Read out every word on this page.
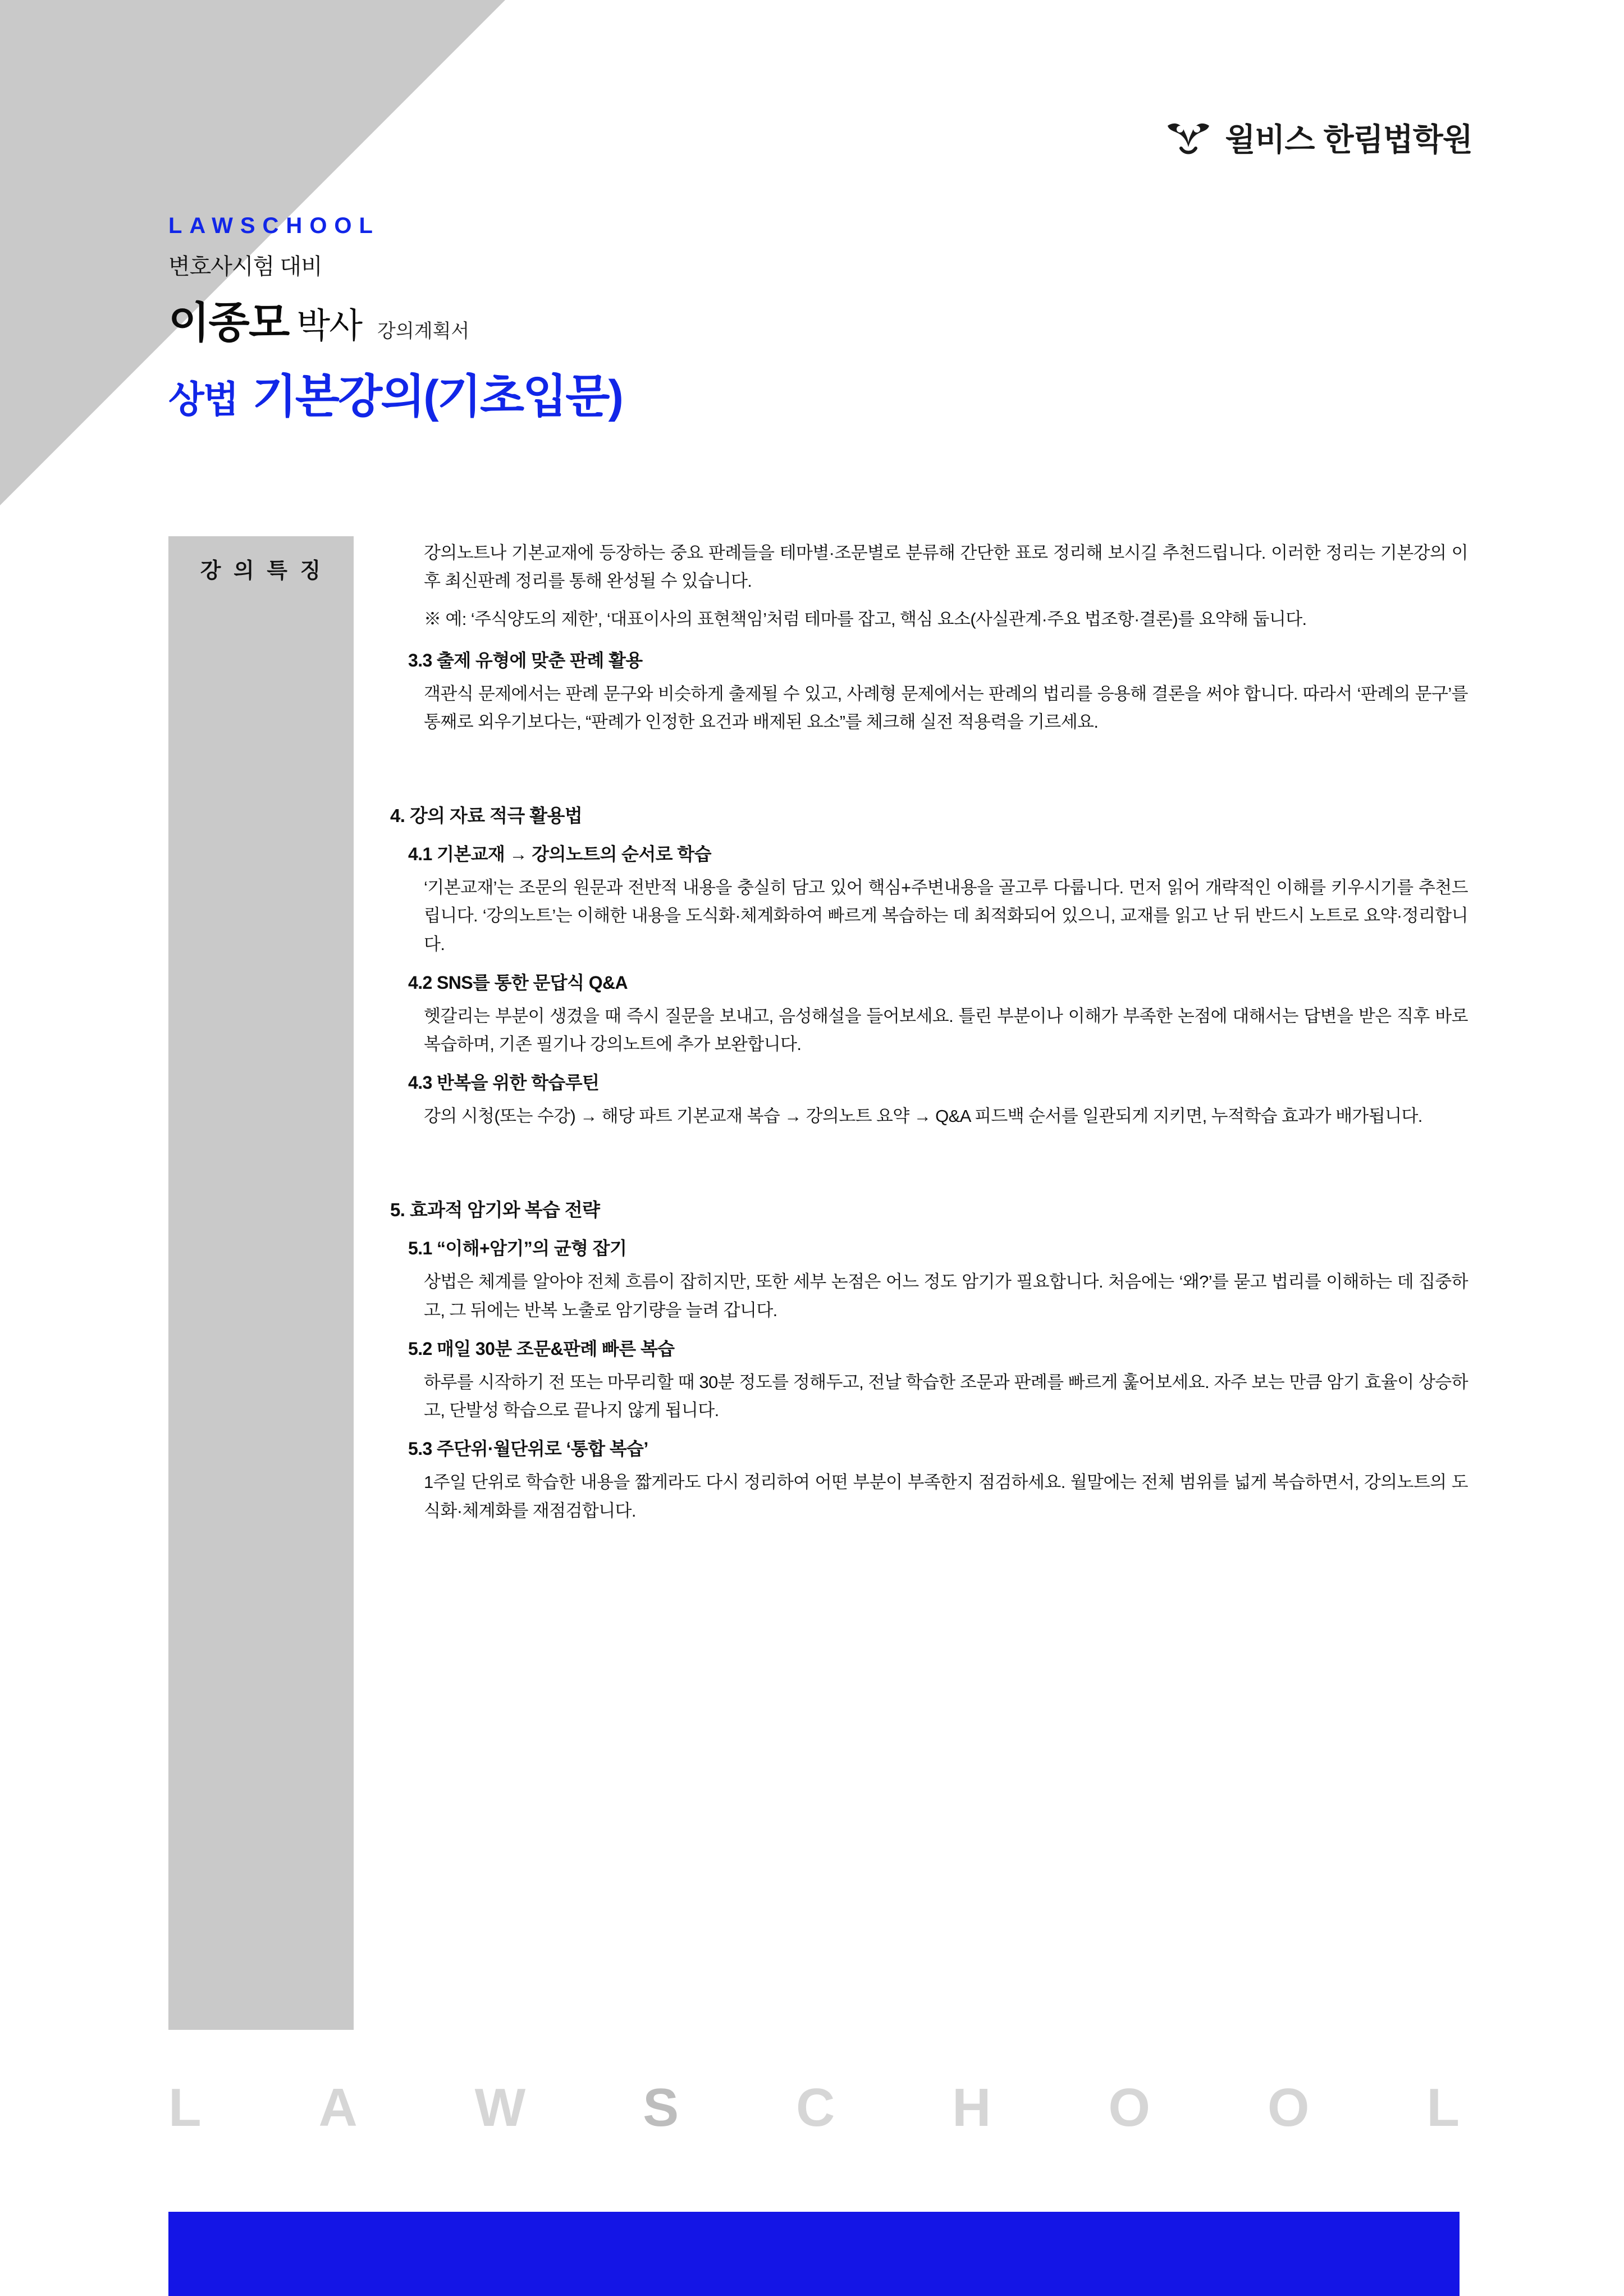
윌비스 한림법학원
LAWSCHOOL
변호사시험 대비
이종모 박사 강의계획서
상법 기본강의(기초입문)
강 의 특 징

강의노트나 기본교재에 등장하는 중요 판례들을 테마별·조문별로 분류해 간단한 표로 정리해 보시길 추천드립니다. 이러한 정리는 기본강의 이후 최신판례 정리를 통해 완성될 수 있습니다.

※ 예: ‘주식양도의 제한’, ‘대표이사의 표현책임’처럼 테마를 잡고, 핵심 요소(사실관계·주요 법조항·결론)를 요약해 둡니다.

3.3 출제 유형에 맞춘 판례 활용

객관식 문제에서는 판례 문구와 비슷하게 출제될 수 있고, 사례형 문제에서는 판례의 법리를 응용해 결론을 써야 합니다. 따라서 ‘판례의 문구’를 통째로 외우기보다는, “판례가 인정한 요건과 배제된 요소”를 체크해 실전 적용력을 기르세요.

4. 강의 자료 적극 활용법
4.1 기본교재 → 강의노트의 순서로 학습

‘기본교재’는 조문의 원문과 전반적 내용을 충실히 담고 있어 핵심+주변내용을 골고루 다룹니다. 먼저 읽어 개략적인 이해를 키우시기를 추천드립니다. ‘강의노트’는 이해한 내용을 도식화·체계화하여 빠르게 복습하는 데 최적화되어 있으니, 교재를 읽고 난 뒤 반드시 노트로 요약·정리합니다.

4.2 SNS를 통한 문답식 Q&A

헷갈리는 부분이 생겼을 때 즉시 질문을 보내고, 음성해설을 들어보세요. 틀린 부분이나 이해가 부족한 논점에 대해서는 답변을 받은 직후 바로 복습하며, 기존 필기나 강의노트에 추가 보완합니다.

4.3 반복을 위한 학습루틴

강의 시청(또는 수강) → 해당 파트 기본교재 복습 → 강의노트 요약 → Q&A 피드백 순서를 일관되게 지키면, 누적학습 효과가 배가됩니다.

5. 효과적 암기와 복습 전략
5.1 “이해+암기”의 균형 잡기

상법은 체계를 알아야 전체 흐름이 잡히지만, 또한 세부 논점은 어느 정도 암기가 필요합니다. 처음에는 ‘왜?’를 묻고 법리를 이해하는 데 집중하고, 그 뒤에는 반복 노출로 암기량을 늘려 갑니다.

5.2 매일 30분 조문&판례 빠른 복습

하루를 시작하기 전 또는 마무리할 때 30분 정도를 정해두고, 전날 학습한 조문과 판례를 빠르게 훑어보세요. 자주 보는 만큼 암기 효율이 상승하고, 단발성 학습으로 끝나지 않게 됩니다.

5.3 주단위·월단위로 ‘통합 복습’

1주일 단위로 학습한 내용을 짧게라도 다시 정리하여 어떤 부분이 부족한지 점검하세요. 월말에는 전체 범위를 넓게 복습하면서, 강의노트의 도식화·체계화를 재점검합니다.

L A W S C H O O L
